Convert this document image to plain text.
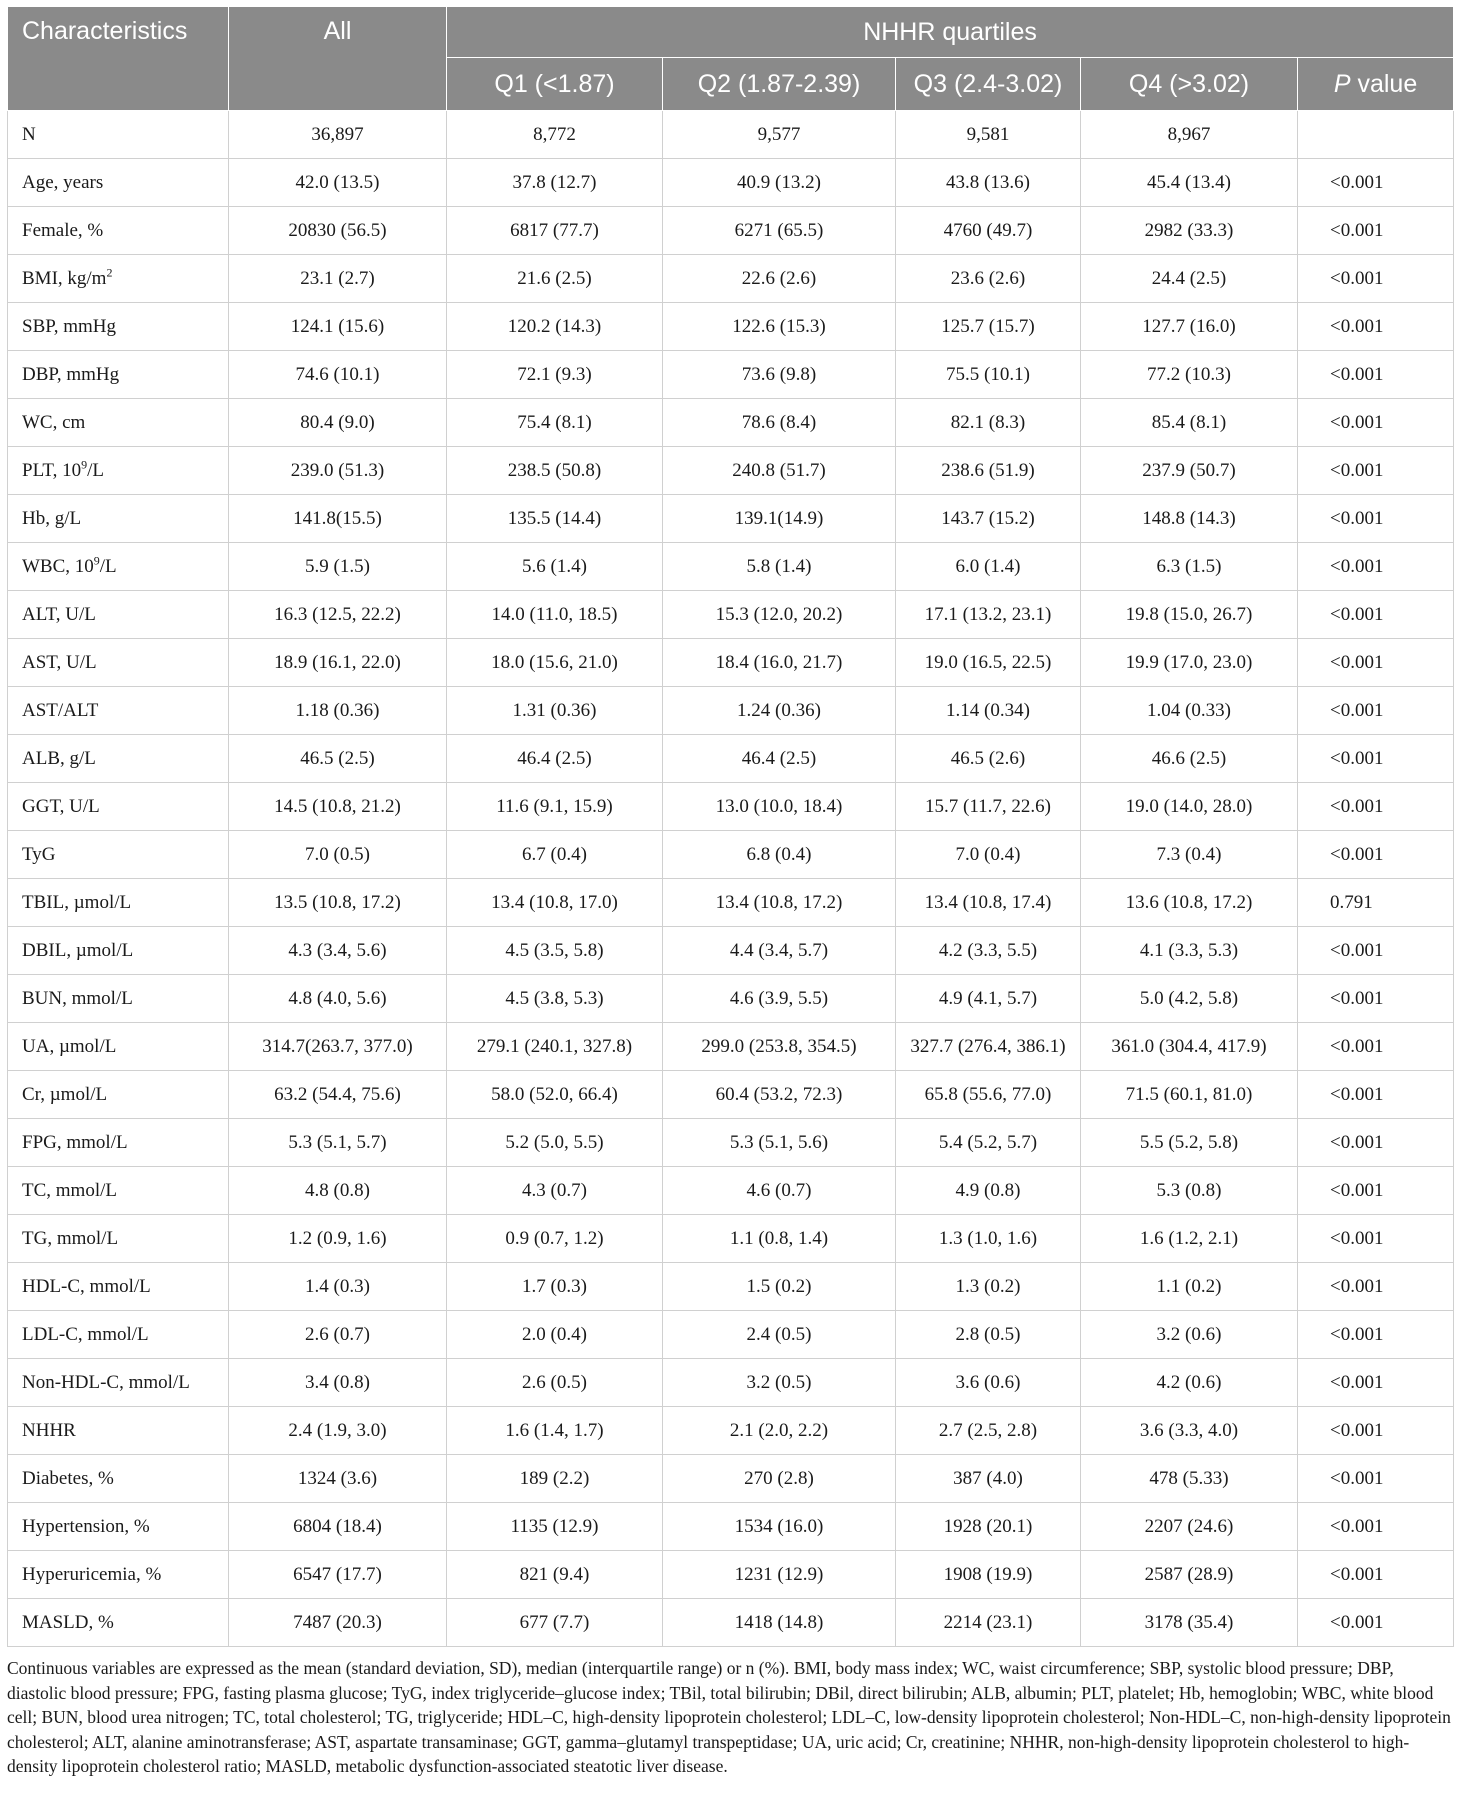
Characteristics	All	NHHR quartiles				
		Q1 (<1.87)	Q2 (1.87-2.39)	Q3 (2.4-3.02)	Q4 (>3.02)	P value
N	36,897	8,772	9,577	9,581	8,967	
Age, years	42.0 (13.5)	37.8 (12.7)	40.9 (13.2)	43.8 (13.6)	45.4 (13.4)	<0.001
Female, %	20830 (56.5)	6817 (77.7)	6271 (65.5)	4760 (49.7)	2982 (33.3)	<0.001
BMI, $kg/m^2$	23.1 (2.7)	21.6 (2.5)	22.6 (2.6)	23.6 (2.6)	24.4 (2.5)	<0.001
SBP, mmHg	124.1 (15.6)	120.2 (14.3)	122.6 (15.3)	125.7 (15.7)	127.7 (16.0)	<0.001
DBP, mmHg	74.6 (10.1)	72.1 (9.3)	73.6 (9.8)	75.5 (10.1)	77.2 (10.3)	<0.001
WC, cm	80.4 (9.0)	75.4 (8.1)	78.6 (8.4)	82.1 (8.3)	85.4 (8.1)	<0.001
PLT, $10^9/L$	239.0 (51.3)	238.5 (50.8)	240.8 (51.7)	238.6 (51.9)	237.9 (50.7)	<0.001
Hb, g/L	141.8(15.5)	135.5 (14.4)	139.1(14.9)	143.7 (15.2)	148.8 (14.3)	<0.001
WBC, $10^9/L$	5.9 (1.5)	5.6 (1.4)	5.8 (1.4)	6.0 (1.4)	6.3 (1.5)	<0.001
ALT, U/L	16.3 (12.5, 22.2)	14.0 (11.0, 18.5)	15.3 (12.0, 20.2)	17.1 (13.2, 23.1)	19.8 (15.0, 26.7)	<0.001
AST, U/L	18.9 (16.1, 22.0)	18.0 (15.6, 21.0)	18.4 (16.0, 21.7)	19.0 (16.5, 22.5)	19.9 (17.0, 23.0)	<0.001
AST/ALT	1.18 (0.36)	1.31 (0.36)	1.24 (0.36)	1.14 (0.34)	1.04 (0.33)	<0.001
ALB, g/L	46.5 (2.5)	46.4 (2.5)	46.4 (2.5)	46.5 (2.6)	46.6 (2.5)	<0.001
GGT, U/L	14.5 (10.8, 21.2)	11.6 (9.1, 15.9)	13.0 (10.0, 18.4)	15.7 (11.7, 22.6)	19.0 (14.0, 28.0)	<0.001
TyG	7.0 (0.5)	6.7 (0.4)	6.8 (0.4)	7.0 (0.4)	7.3 (0.4)	<0.001
TBIL, µmol/L	13.5 (10.8, 17.2)	13.4 (10.8, 17.0)	13.4 (10.8, 17.2)	13.4 (10.8, 17.4)	13.6 (10.8, 17.2)	0.791
DBIL, µmol/L	4.3 (3.4, 5.6)	4.5 (3.5, 5.8)	4.4 (3.4, 5.7)	4.2 (3.3, 5.5)	4.1 (3.3, 5.3)	<0.001
BUN, mmol/L	4.8 (4.0, 5.6)	4.5 (3.8, 5.3)	4.6 (3.9, 5.5)	4.9 (4.1, 5.7)	5.0 (4.2, 5.8)	<0.001
UA, µmol/L	314.7(263.7, 377.0)	279.1 (240.1, 327.8)	299.0 (253.8, 354.5)	327.7 (276.4, 386.1)	361.0 (304.4, 417.9)	<0.001
Cr, µmol/L	63.2 (54.4, 75.6)	58.0 (52.0, 66.4)	60.4 (53.2, 72.3)	65.8 (55.6, 77.0)	71.5 (60.1, 81.0)	<0.001
FPG, mmol/L	5.3 (5.1, 5.7)	5.2 (5.0, 5.5)	5.3 (5.1, 5.6)	5.4 (5.2, 5.7)	5.5 (5.2, 5.8)	<0.001
TC, mmol/L	4.8 (0.8)	4.3 (0.7)	4.6 (0.7)	4.9 (0.8)	5.3 (0.8)	<0.001
TG, mmol/L	1.2 (0.9, 1.6)	0.9 (0.7, 1.2)	1.1 (0.8, 1.4)	1.3 (1.0, 1.6)	1.6 (1.2, 2.1)	<0.001
HDL-C, mmol/L	1.4 (0.3)	1.7 (0.3)	1.5 (0.2)	1.3 (0.2)	1.1 (0.2)	<0.001
LDL-C, mmol/L	2.6 (0.7)	2.0 (0.4)	2.4 (0.5)	2.8 (0.5)	3.2 (0.6)	<0.001
Non-HDL-C, mmol/L	3.4 (0.8)	2.6 (0.5)	3.2 (0.5)	3.6 (0.6)	4.2 (0.6)	<0.001
NHHR	2.4 (1.9, 3.0)	1.6 (1.4, 1.7)	2.1 (2.0, 2.2)	2.7 (2.5, 2.8)	3.6 (3.3, 4.0)	<0.001
Diabetes, %	1324 (3.6)	189 (2.2)	270 (2.8)	387 (4.0)	478 (5.33)	<0.001
Hypertension, %	6804 (18.4)	1135 (12.9)	1534 (16.0)	1928 (20.1)	2207 (24.6)	<0.001
Hyperuricemia, %	6547 (17.7)	821 (9.4)	1231 (12.9)	1908 (19.9)	2587 (28.9)	<0.001
MASLD, %	7487 (20.3)	677 (7.7)	1418 (14.8)	2214 (23.1)	3178 (35.4)	<0.001
Continuous variables are expressed as the mean (standard deviation, SD), median (interquartile range) or n (%). BMI, body mass index; WC, waist circumference; SBP, systolic blood pressure; DBP, diastolic blood pressure; FPG, fasting plasma glucose; TyG, index triglyceride–glucose index; TBil, total bilirubin; DBil, direct bilirubin; ALB, albumin; PLT, platelet; Hb, hemoglobin; WBC, white blood cell; BUN, blood urea nitrogen; TC, total cholesterol; TG, triglyceride; HDL–C, high-density lipoprotein cholesterol; LDL–C, low-density lipoprotein cholesterol; Non-HDL–C, non-high-density lipoprotein cholesterol; ALT, alanine aminotransferase; AST, aspartate transaminase; GGT, gamma–glutamyl transpeptidase; UA, uric acid; Cr, creatinine; NHHR, non-high-density lipoprotein cholesterol to high-density lipoprotein cholesterol ratio; MASLD, metabolic dysfunction-associated steatotic liver disease.
